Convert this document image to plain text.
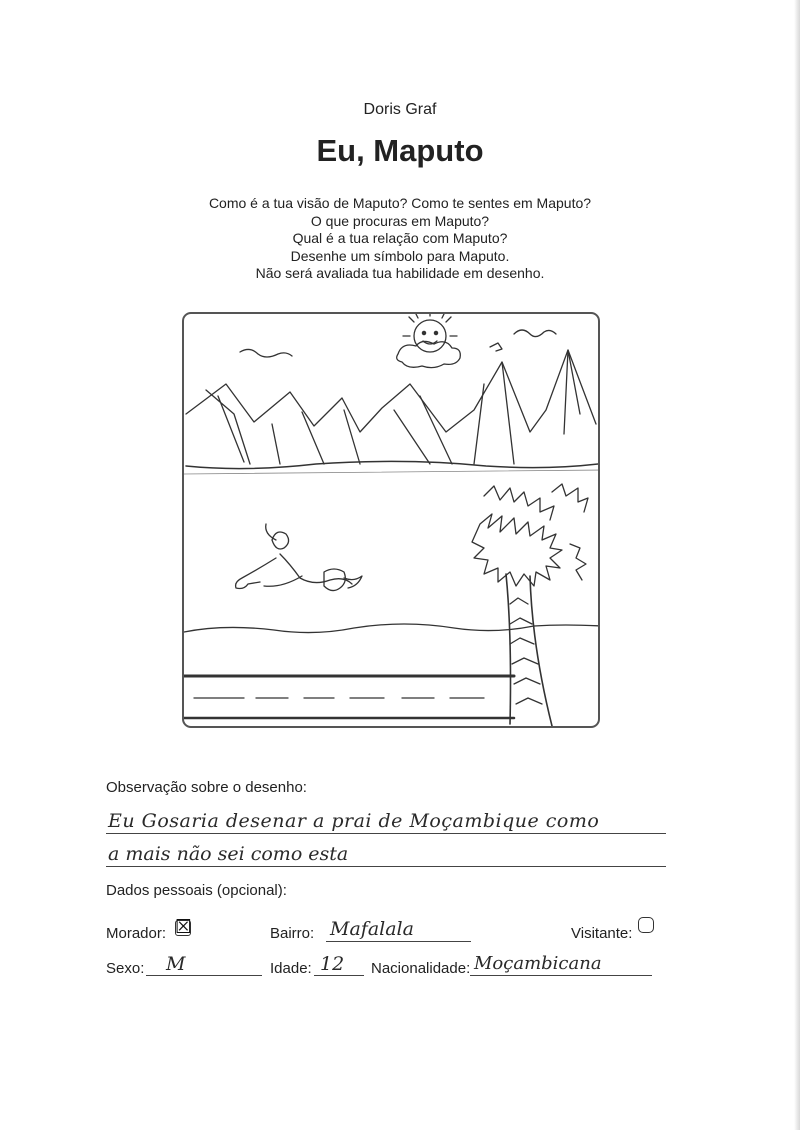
Doris Graf
Eu, Maputo
Como é a tua visão de Maputo? Como te sentes em Maputo?
O que procuras em Maputo?
Qual é a tua relação com Maputo?
Desenhe um símbolo para Maputo.
Não será avaliada tua habilidade em desenho.
Observação sobre o desenho:
Eu Gosaria desenar a prai de Moçambique como
a mais não sei como esta
Dados pessoais (opcional):
Morador: ☒	Bairro: Mafalala	Visitante:
Sexo: M	Idade: 12 Nacionalidade: Moçambicana
